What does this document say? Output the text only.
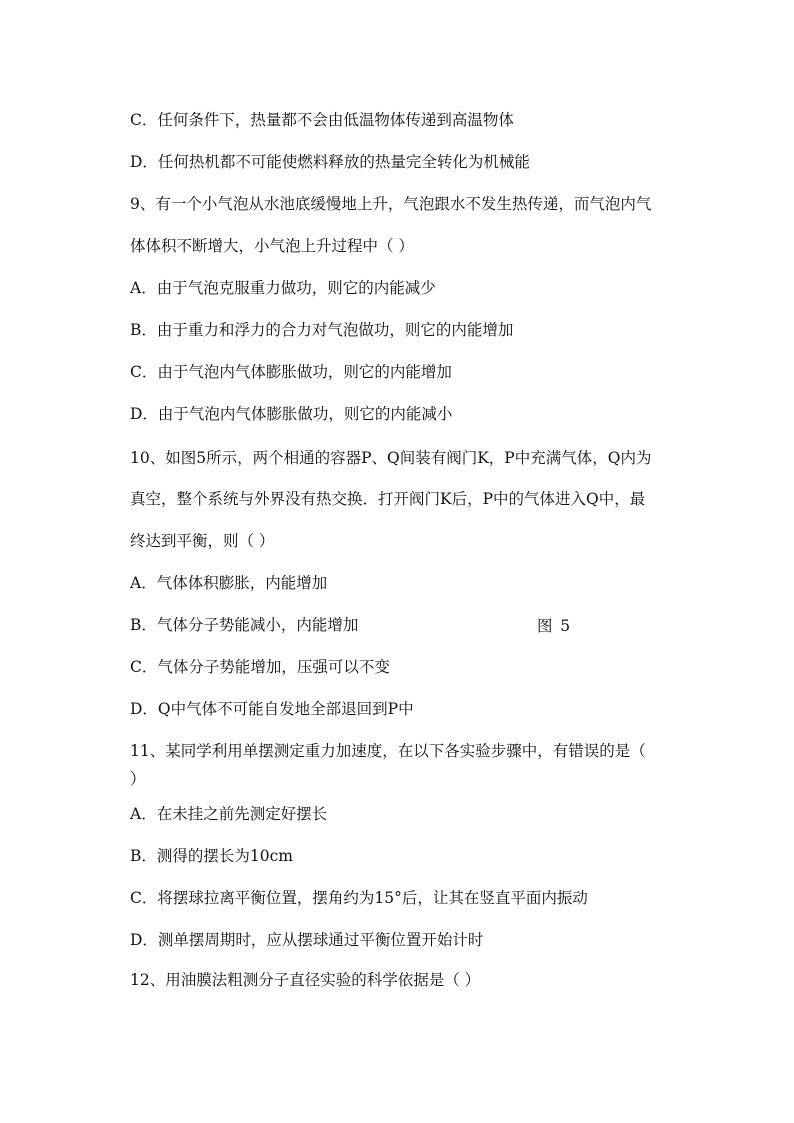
C．任何条件下，热量都不会由低温物体传递到高温物体
D．任何热机都不可能使燃料释放的热量完全转化为机械能
9、有一个小气泡从水池底缓慢地上升，气泡跟水不发生热传递，而气泡内气
体体积不断增大，小气泡上升过程中（ ）
A．由于气泡克服重力做功，则它的内能减少
B．由于重力和浮力的合力对气泡做功，则它的内能增加
C．由于气泡内气体膨胀做功，则它的内能增加
D．由于气泡内气体膨胀做功，则它的内能减小
10、如图5所示，两个相通的容器P、Q间装有阀门K，P中充满气体，Q内为
真空，整个系统与外界没有热交换．打开阀门K后，P中的气体进入Q中，最
终达到平衡，则（ ）
A．气体体积膨胀，内能增加
B．气体分子势能减小，内能增加	图5
C．气体分子势能增加，压强可以不变
D．Q中气体不可能自发地全部退回到P中
11、某同学利用单摆测定重力加速度，在以下各实验步骤中，有错误的是（
）
A．在未挂之前先测定好摆长
B．测得的摆长为10cm
C．将摆球拉离平衡位置，摆角约为15°后，让其在竖直平面内振动
D．测单摆周期时，应从摆球通过平衡位置开始计时
12、用油膜法粗测分子直径实验的科学依据是（ ）
